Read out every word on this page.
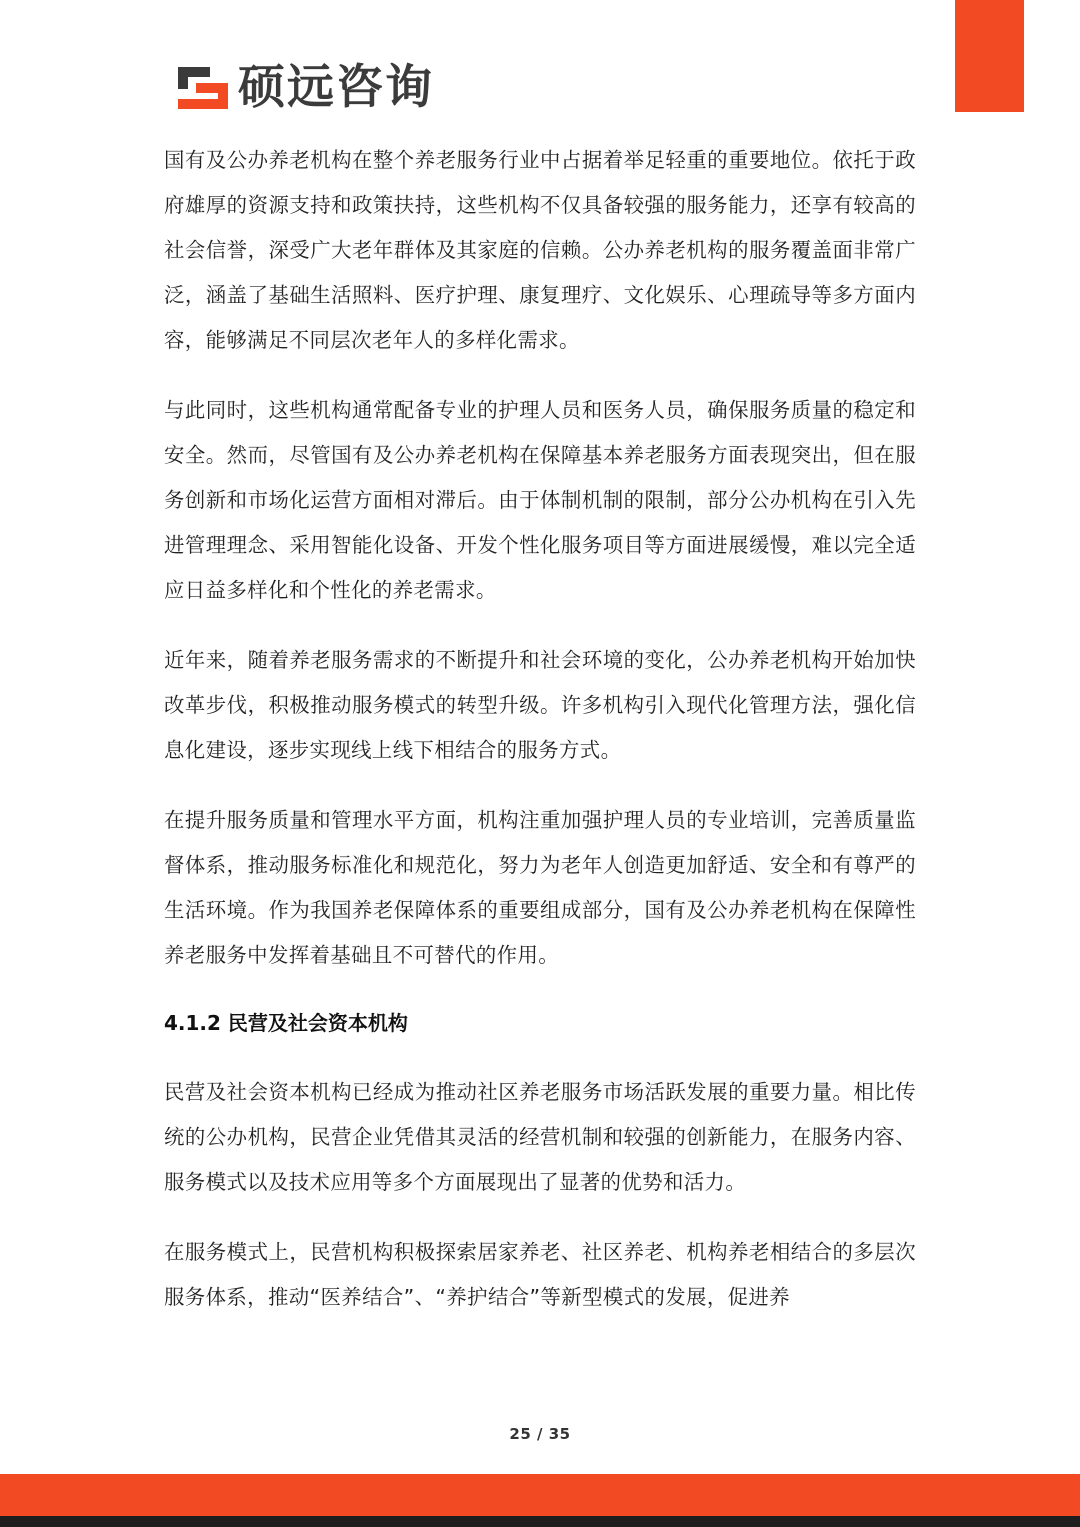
硕远咨询

国有及公办养老机构在整个养老服务行业中占据着举足轻重的重要地位。依托于政府雄厚的资源支持和政策扶持，这些机构不仅具备较强的服务能力，还享有较高的社会信誉，深受广大老年群体及其家庭的信赖。公办养老机构的服务覆盖面非常广泛，涵盖了基础生活照料、医疗护理、康复理疗、文化娱乐、心理疏导等多方面内容，能够满足不同层次老年人的多样化需求。

与此同时，这些机构通常配备专业的护理人员和医务人员，确保服务质量的稳定和安全。然而，尽管国有及公办养老机构在保障基本养老服务方面表现突出，但在服务创新和市场化运营方面相对滞后。由于体制机制的限制，部分公办机构在引入先进管理理念、采用智能化设备、开发个性化服务项目等方面进展缓慢，难以完全适应日益多样化和个性化的养老需求。

近年来，随着养老服务需求的不断提升和社会环境的变化，公办养老机构开始加快改革步伐，积极推动服务模式的转型升级。许多机构引入现代化管理方法，强化信息化建设，逐步实现线上线下相结合的服务方式。

在提升服务质量和管理水平方面，机构注重加强护理人员的专业培训，完善质量监督体系，推动服务标准化和规范化，努力为老年人创造更加舒适、安全和有尊严的生活环境。作为我国养老保障体系的重要组成部分，国有及公办养老机构在保障性养老服务中发挥着基础且不可替代的作用。

4.1.2 民营及社会资本机构

民营及社会资本机构已经成为推动社区养老服务市场活跃发展的重要力量。相比传统的公办机构，民营企业凭借其灵活的经营机制和较强的创新能力，在服务内容、服务模式以及技术应用等多个方面展现出了显著的优势和活力。

在服务模式上，民营机构积极探索居家养老、社区养老、机构养老相结合的多层次服务体系，推动“医养结合”、“养护结合”等新型模式的发展，促进养

25 / 35
